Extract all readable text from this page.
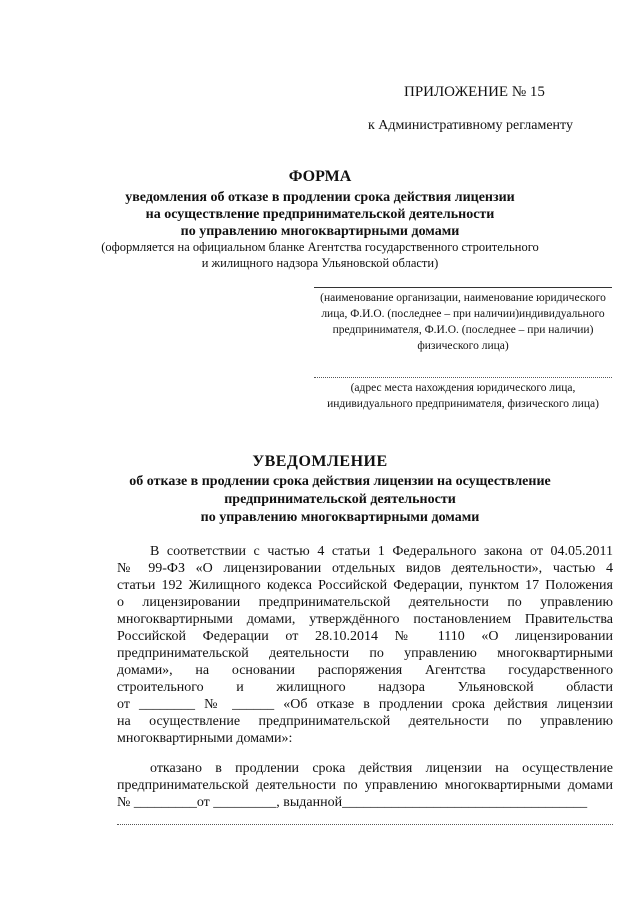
ПРИЛОЖЕНИЕ № 15
к Административному регламенту
ФОРМА
уведомления об отказе в продлении срока действия лицензии
на осуществление предпринимательской деятельности
по управлению многоквартирными домами
(оформляется на официальном бланке Агентства государственного строительного
и жилищного надзора Ульяновской области)
(наименование организации, наименование юридического
лица, Ф.И.О. (последнее – при наличии)индивидуального
предпринимателя, Ф.И.О. (последнее – при наличии)
физического лица)
(адрес места нахождения юридического лица,
индивидуального предпринимателя, физического лица)
УВЕДОМЛЕНИЕ
об отказе в продлении срока действия лицензии на осуществление
предпринимательской деятельности
по управлению многоквартирными домами
В соответствии с частью 4 статьи 1 Федерального закона от 04.05.2011
№ 99-ФЗ «О лицензировании отдельных видов деятельности», частью 4
статьи 192 Жилищного кодекса Российской Федерации, пунктом 17 Положения
о лицензировании предпринимательской деятельности по управлению
многоквартирными домами, утверждённого постановлением Правительства
Российской Федерации от 28.10.2014 № 1110 «О лицензировании
предпринимательской деятельности по управлению многоквартирными
домами», на основании распоряжения Агентства государственного
строительного и жилищного надзора Ульяновской области
от ________ № ______ «Об отказе в продлении срока действия лицензии
на осуществление предпринимательской деятельности по управлению
многоквартирными домами»:
отказано в продлении срока действия лицензии на осуществление
предпринимательской деятельности по управлению многоквартирными домами
№ _________от _________, выданной___________________________________
